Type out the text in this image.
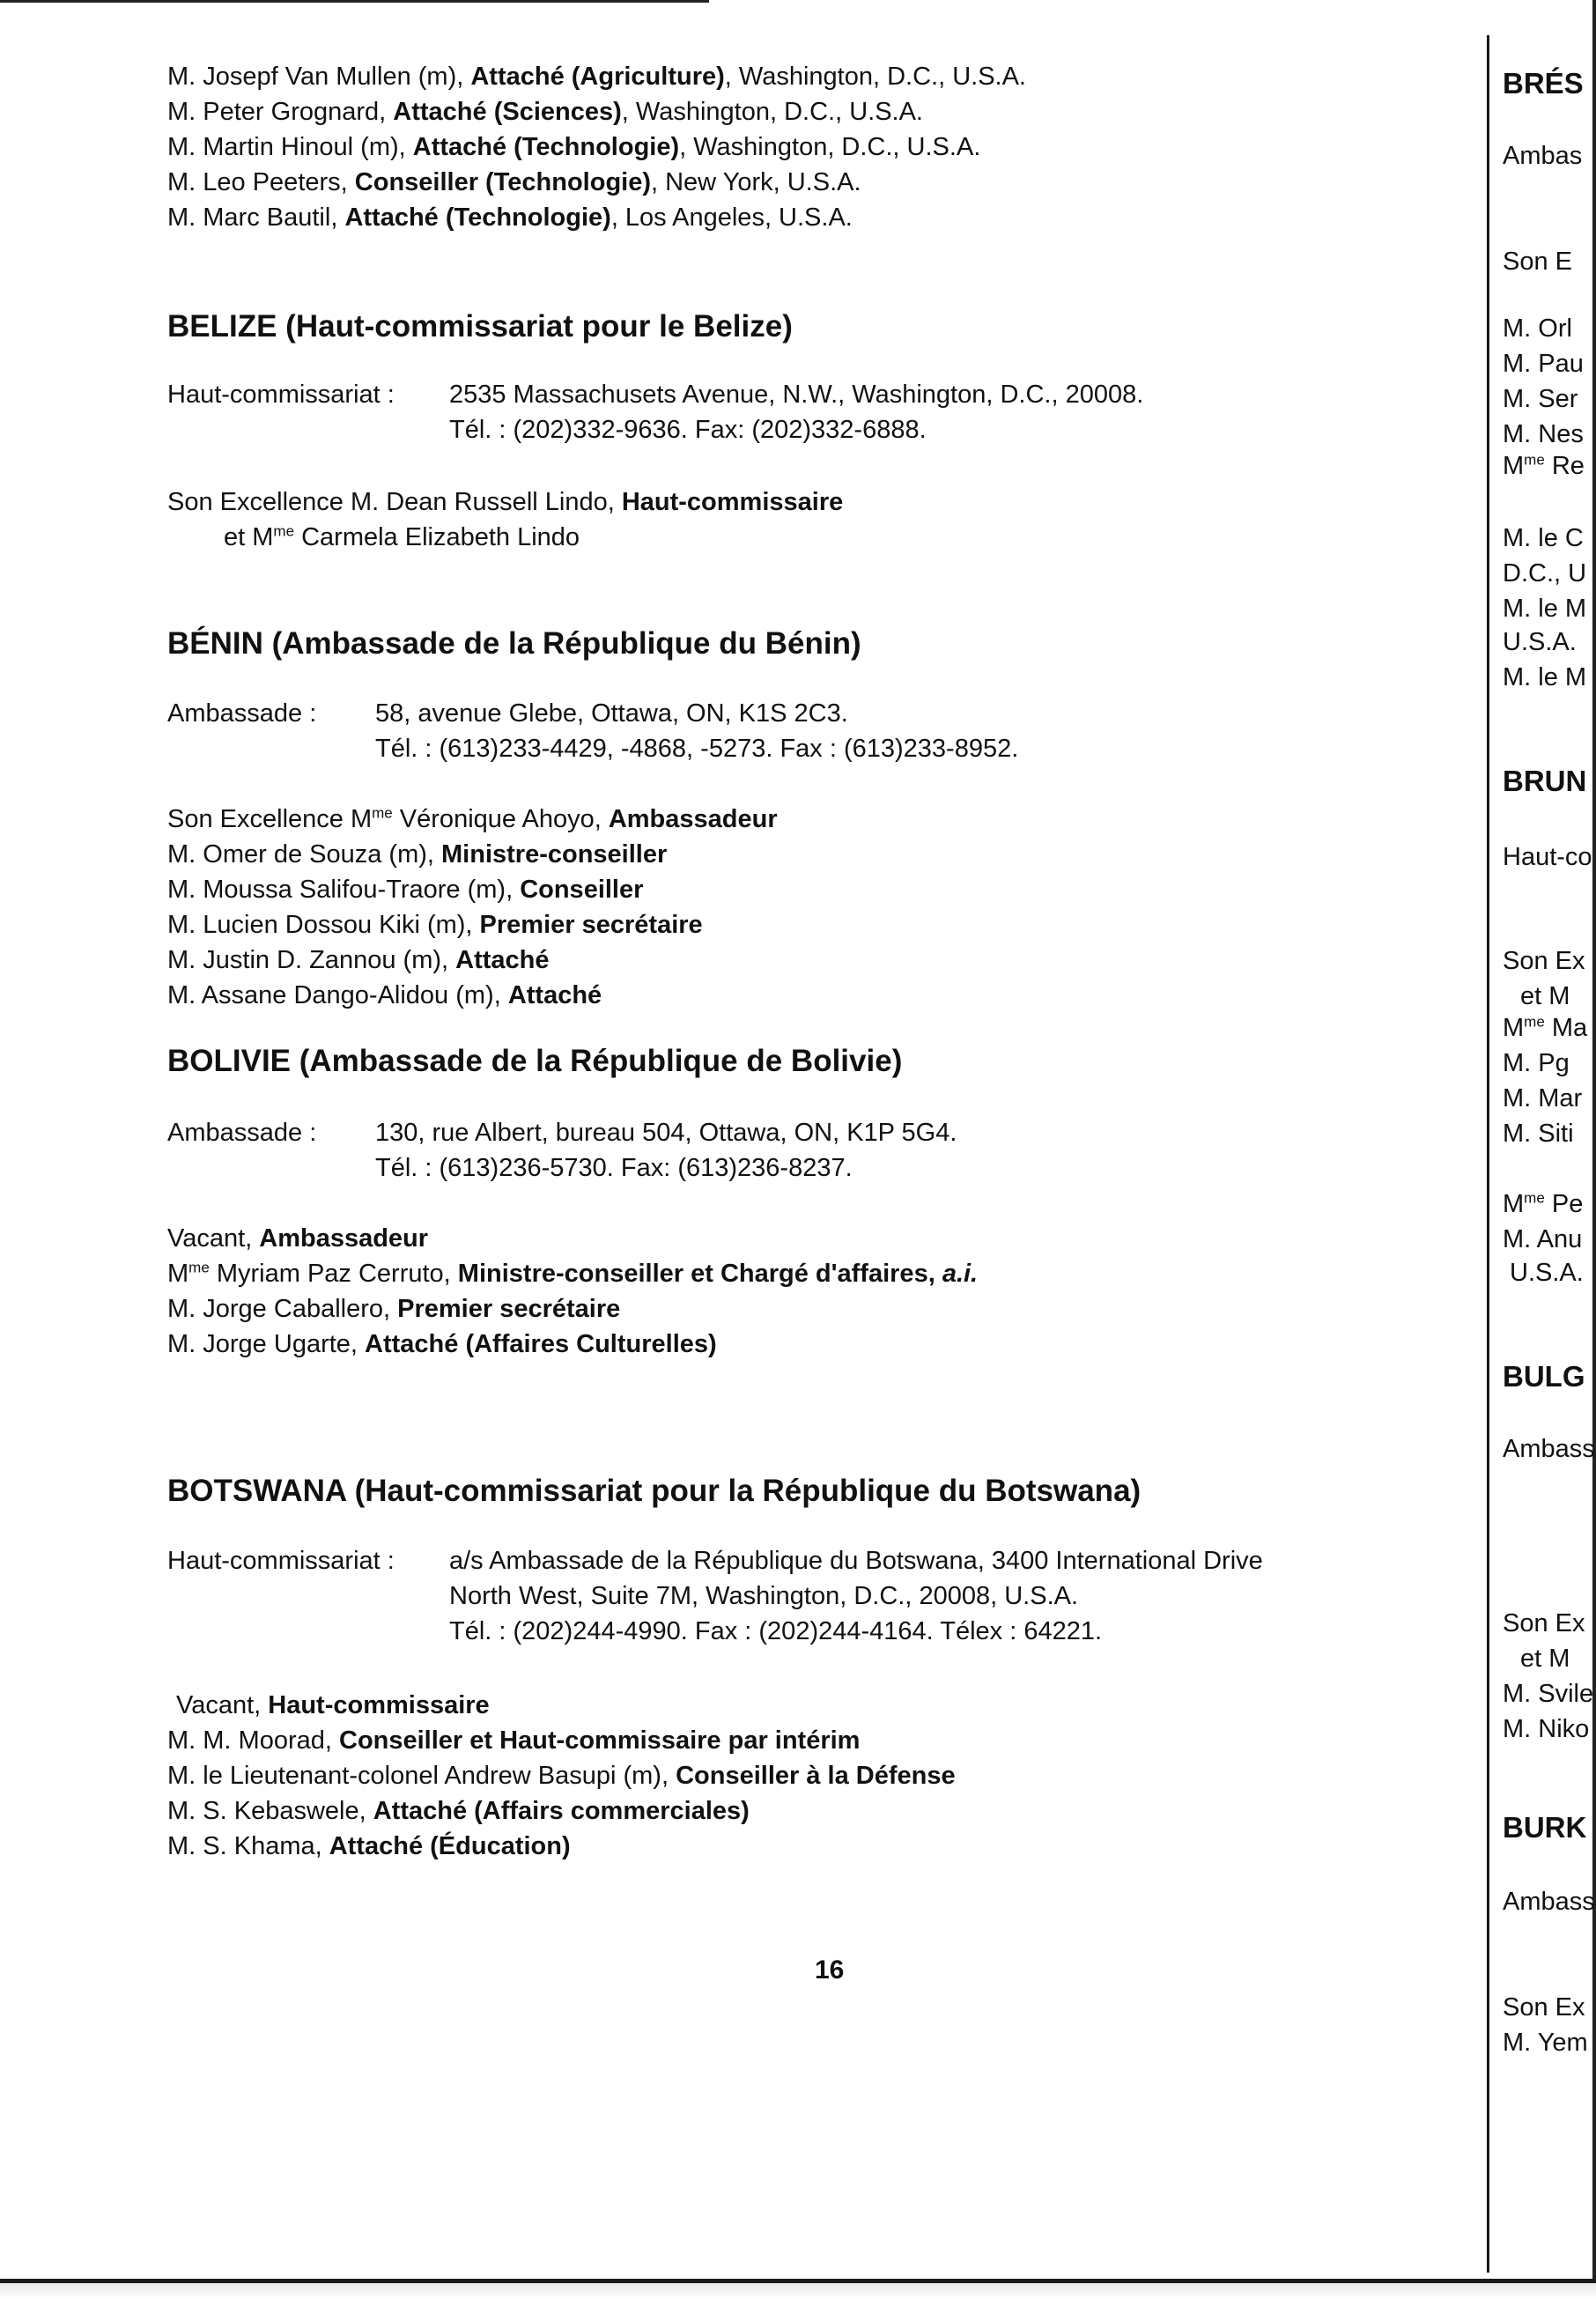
M. Josepf Van Mullen (m), Attaché (Agriculture), Washington, D.C., U.S.A.
M. Peter Grognard, Attaché (Sciences), Washington, D.C., U.S.A.
M. Martin Hinoul (m), Attaché (Technologie), Washington, D.C., U.S.A.
M. Leo Peeters, Conseiller (Technologie), New York, U.S.A.
M. Marc Bautil, Attaché (Technologie), Los Angeles, U.S.A.
BELIZE (Haut-commissariat pour le Belize)
Haut-commissariat : 2535 Massachusets Avenue, N.W., Washington, D.C., 20008.
Tél. : (202)332-9636. Fax: (202)332-6888.
Son Excellence M. Dean Russell Lindo, Haut-commissaire
et $M^{me}$ Carmela Elizabeth Lindo
BÉNIN (Ambassade de la République du Bénin)
Ambassade : 58, avenue Glebe, Ottawa, ON, K1S 2C3.
Tél. : (613)233-4429, -4868, -5273. Fax : (613)233-8952.
Son Excellence $M^{me}$ Véronique Ahoyo, Ambassadeur
M. Omer de Souza (m), Ministre-conseiller
M. Moussa Salifou-Traore (m), Conseiller
M. Lucien Dossou Kiki (m), Premier secrétaire
M. Justin D. Zannou (m), Attaché
M. Assane Dango-Alidou (m), Attaché
BOLIVIE (Ambassade de la République de Bolivie)
Ambassade : 130, rue Albert, bureau 504, Ottawa, ON, K1P 5G4.
Tél. : (613)236-5730. Fax: (613)236-8237.
Vacant, Ambassadeur
$M^{me}$ Myriam Paz Cerruto, Ministre-conseiller et Chargé d'affaires, a.i.
M. Jorge Caballero, Premier secrétaire
M. Jorge Ugarte, Attaché (Affaires Culturelles)
BOTSWANA (Haut-commissariat pour la République du Botswana)
Haut-commissariat : a/s Ambassade de la République du Botswana, 3400 International Drive
North West, Suite 7M, Washington, D.C., 20008, U.S.A.
Tél. : (202)244-4990. Fax : (202)244-4164. Télex : 64221.
Vacant, Haut-commissaire
M. M. Moorad, Conseiller et Haut-commissaire par intérim
M. le Lieutenant-colonel Andrew Basupi (m), Conseiller à la Défense
M. S. Kebaswele, Attaché (Affairs commerciales)
M. S. Khama, Attaché (Éducation)
16
BRÉS
Ambas
Son E
M. Orl
M. Pau
M. Ser
M. Nes
$M^{me}$ Re
M. le C
D.C., U
M. le M
U.S.A.
M. le M
BRUN
Haut-co
Son Ex
et M
$M^{me}$ Ma
M. Pg
M. Mar
M. Siti
$M^{me}$ Pe
M. Anu
U.S.A.
BULG
Ambass
Son Ex
et M
M. Svile
M. Niko
BURK
Ambass
Son Ex
M. Yem
